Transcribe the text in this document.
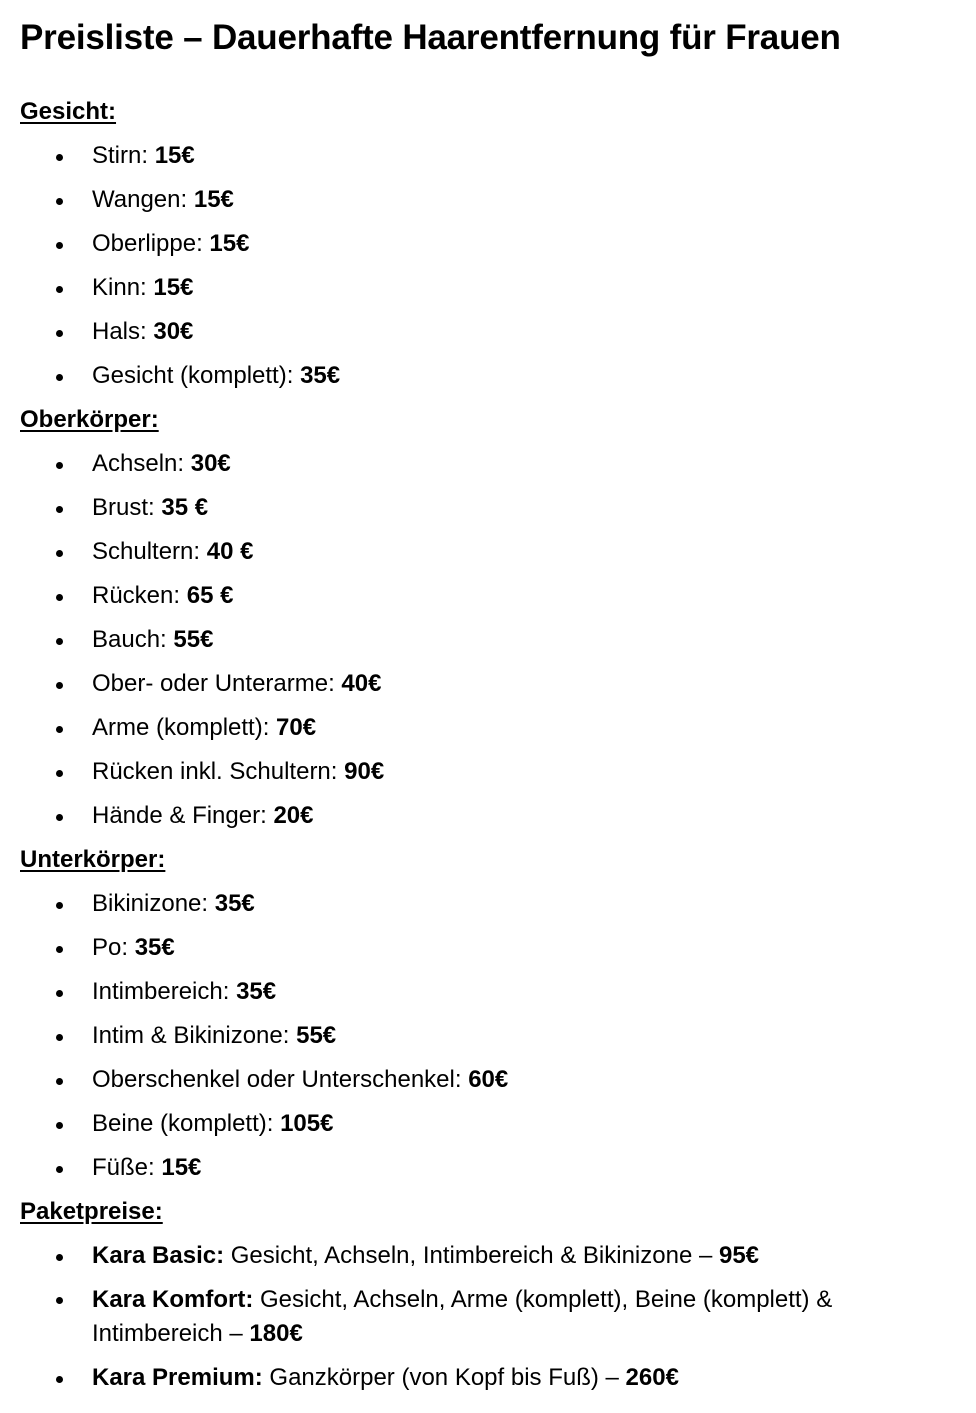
Preisliste – Dauerhafte Haarentfernung für Frauen
Gesicht:
Stirn: 15€
Wangen: 15€
Oberlippe: 15€
Kinn: 15€
Hals: 30€
Gesicht (komplett): 35€
Oberkörper:
Achseln: 30€
Brust: 35 €
Schultern: 40 €
Rücken: 65 €
Bauch: 55€
Ober- oder Unterarme: 40€
Arme (komplett): 70€
Rücken inkl. Schultern: 90€
Hände & Finger: 20€
Unterkörper:
Bikinizone: 35€
Po: 35€
Intimbereich: 35€
Intim & Bikinizone: 55€
Oberschenkel oder Unterschenkel: 60€
Beine (komplett): 105€
Füße: 15€
Paketpreise:
Kara Basic: Gesicht, Achseln, Intimbereich & Bikinizone – 95€
Kara Komfort: Gesicht, Achseln, Arme (komplett), Beine (komplett) & Intimbereich – 180€
Kara Premium: Ganzkörper (von Kopf bis Fuß) – 260€
